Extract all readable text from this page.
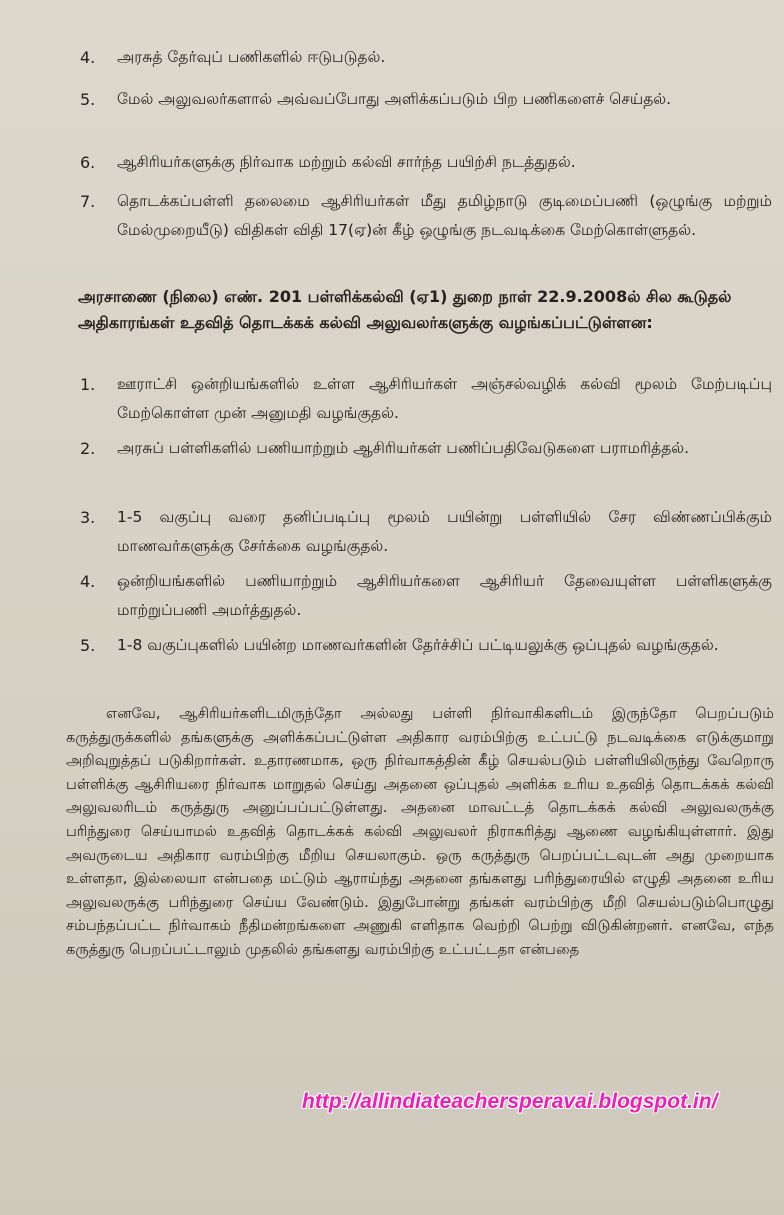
4. அரசுத் தேர்வுப் பணிகளில் ஈடுபடுதல்.
5. மேல் அலுவலர்களால் அவ்வப்போது அளிக்கப்படும் பிற பணிகளைச் செய்தல்.
6. ஆசிரியர்களுக்கு நிர்வாக மற்றும் கல்வி சார்ந்த பயிற்சி நடத்துதல்.
7. தொடக்கப்பள்ளி தலைமை ஆசிரியர்கள் மீது தமிழ்நாடு குடிமைப்பணி (ஒழுங்கு மற்றும் மேல்முறையீடு) விதிகள் விதி 17(ஏ)ன் கீழ் ஒழுங்கு நடவடிக்கை மேற்கொள்ளுதல்.
அரசாணை (நிலை) எண். 201 பள்ளிக்கல்வி (ஏ1) துறை நாள் 22.9.2008ல் சில கூடுதல் அதிகாரங்கள் உதவித் தொடக்கக் கல்வி அலுவலர்களுக்கு வழங்கப்பட்டுள்ளன:
1. ஊராட்சி ஒன்றியங்களில் உள்ள ஆசிரியர்கள் அஞ்சல்வழிக் கல்வி மூலம் மேற்படிப்பு மேற்கொள்ள முன் அனுமதி வழங்குதல்.
2. அரசுப் பள்ளிகளில் பணியாற்றும் ஆசிரியர்கள் பணிப்பதிவேடுகளை பராமரித்தல்.
3. 1-5 வகுப்பு வரை தனிப்படிப்பு மூலம் பயின்று பள்ளியில் சேர விண்ணப்பிக்கும் மாணவர்களுக்கு சேர்க்கை வழங்குதல்.
4. ஒன்றியங்களில் பணியாற்றும் ஆசிரியர்களை ஆசிரியர் தேவையுள்ள பள்ளிகளுக்கு மாற்றுப்பணி அமர்த்துதல்.
5. 1-8 வகுப்புகளில் பயின்ற மாணவர்களின் தேர்ச்சிப் பட்டியலுக்கு ஒப்புதல் வழங்குதல்.
எனவே, ஆசிரியர்களிடமிருந்தோ அல்லது பள்ளி நிர்வாகிகளிடம் இருந்தோ பெறப்படும் கருத்துருக்களில் தங்களுக்கு அளிக்கப்பட்டுள்ள அதிகார வரம்பிற்கு உட்பட்டு நடவடிக்கை எடுக்குமாறு அறிவுறுத்தப் படுகிறார்கள். உதாரணமாக, ஒரு நிர்வாகத்தின் கீழ் செயல்படும் பள்ளியிலிருந்து வேறொரு பள்ளிக்கு ஆசிரியரை நிர்வாக மாறுதல் செய்து அதனை ஒப்புதல் அளிக்க உரிய உதவித் தொடக்கக் கல்வி அலுவலரிடம் கருத்துரு அனுப்பப்பட்டுள்ளது. அதனை மாவட்டத் தொடக்கக் கல்வி அலுவலருக்கு பரிந்துரை செய்யாமல் உதவித் தொடக்கக் கல்வி அலுவலர் நிராகரித்து ஆணை வழங்கியுள்ளார். இது அவருடைய அதிகார வரம்பிற்கு மீறிய செயலாகும். ஒரு கருத்துரு பெறப்பட்டவுடன் அது முறையாக உள்ளதா, இல்லையா என்பதை மட்டும் ஆராய்ந்து அதனை தங்களது பரிந்துரையில் எழுதி அதனை உரிய அலுவலருக்கு பரிந்துரை செய்ய வேண்டும். இதுபோன்று தங்கள் வரம்பிற்கு மீறி செயல்படும்பொழுது சம்பந்தப்பட்ட நிர்வாகம் நீதிமன்றங்களை அணுகி எளிதாக வெற்றி பெற்று விடுகின்றனர். எனவே, எந்த கருத்துரு பெறப்பட்டாலும் முதலில் தங்களது வரம்பிற்கு உட்பட்டதா என்பதை
http://allindiateachersperavai.blogspot.in/
